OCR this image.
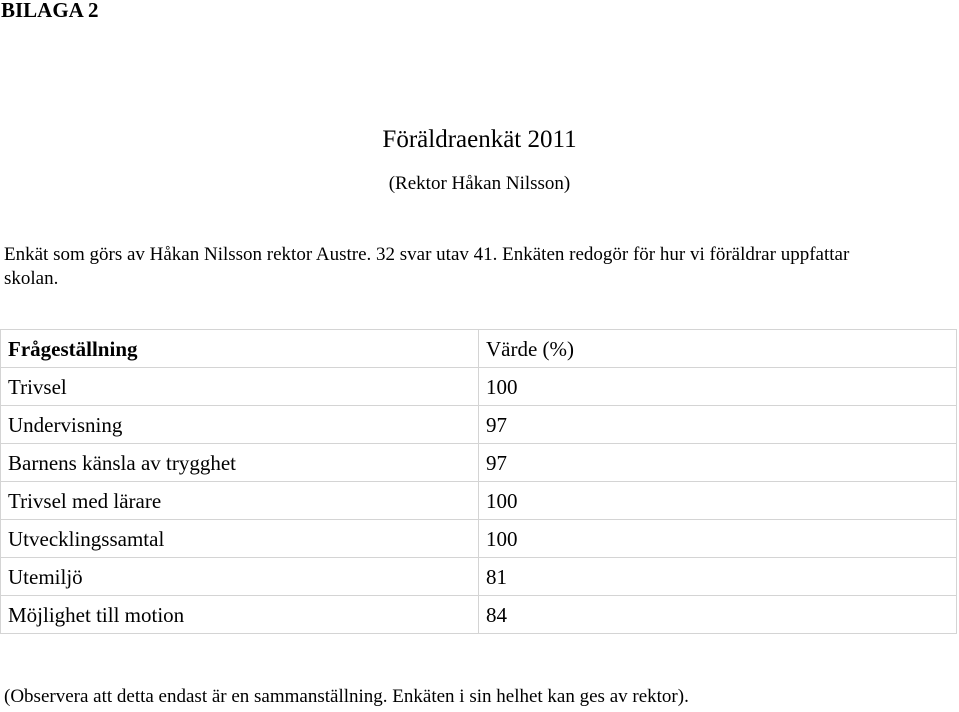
BILAGA 2
Föräldraenkät 2011
(Rektor Håkan Nilsson)
Enkät som görs av Håkan Nilsson rektor Austre. 32 svar utav 41. Enkäten redogör för hur vi föräldrar uppfattar skolan.
Frågeställning	Värde (%)
Trivsel	100
Undervisning	97
Barnens känsla av trygghet	97
Trivsel med lärare	100
Utvecklingssamtal	100
Utemiljö	81
Möjlighet till motion	84
(Observera att detta endast är en sammanställning. Enkäten i sin helhet kan ges av rektor).
